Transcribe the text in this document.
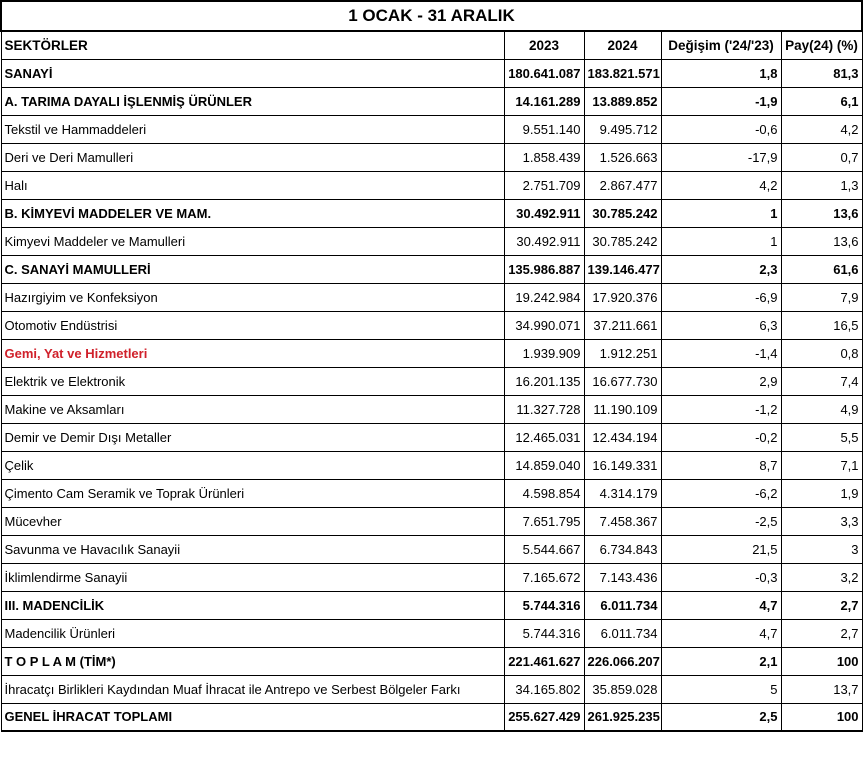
1 OCAK - 31 ARALIK				
SEKTÖRLER	2023	2024	Değişim ('24/'23)	Pay(24) (%)
SANAYİ	180.641.087	183.821.571	1,8	81,3
A. TARIMA DAYALI İŞLENMİŞ ÜRÜNLER	14.161.289	13.889.852	-1,9	6,1
Tekstil ve Hammaddeleri	9.551.140	9.495.712	-0,6	4,2
Deri ve Deri Mamulleri	1.858.439	1.526.663	-17,9	0,7
Halı	2.751.709	2.867.477	4,2	1,3
B. KİMYEVİ MADDELER VE MAM.	30.492.911	30.785.242	1	13,6
Kimyevi Maddeler ve Mamulleri	30.492.911	30.785.242	1	13,6
C. SANAYİ MAMULLERİ	135.986.887	139.146.477	2,3	61,6
Hazırgiyim ve Konfeksiyon	19.242.984	17.920.376	-6,9	7,9
Otomotiv Endüstrisi	34.990.071	37.211.661	6,3	16,5
Gemi, Yat ve Hizmetleri	1.939.909	1.912.251	-1,4	0,8
Elektrik ve Elektronik	16.201.135	16.677.730	2,9	7,4
Makine ve Aksamları	11.327.728	11.190.109	-1,2	4,9
Demir ve Demir Dışı Metaller	12.465.031	12.434.194	-0,2	5,5
Çelik	14.859.040	16.149.331	8,7	7,1
Çimento Cam Seramik ve Toprak Ürünleri	4.598.854	4.314.179	-6,2	1,9
Mücevher	7.651.795	7.458.367	-2,5	3,3
Savunma ve Havacılık Sanayii	5.544.667	6.734.843	21,5	3
İklimlendirme Sanayii	7.165.672	7.143.436	-0,3	3,2
III. MADENCİLİK	5.744.316	6.011.734	4,7	2,7
Madencilik Ürünleri	5.744.316	6.011.734	4,7	2,7
T O P L A M (TİM*)	221.461.627	226.066.207	2,1	100
İhracatçı Birlikleri Kaydından Muaf İhracat ile Antrepo ve Serbest Bölgeler Farkı	34.165.802	35.859.028	5	13,7
GENEL İHRACAT TOPLAMI	255.627.429	261.925.235	2,5	100
